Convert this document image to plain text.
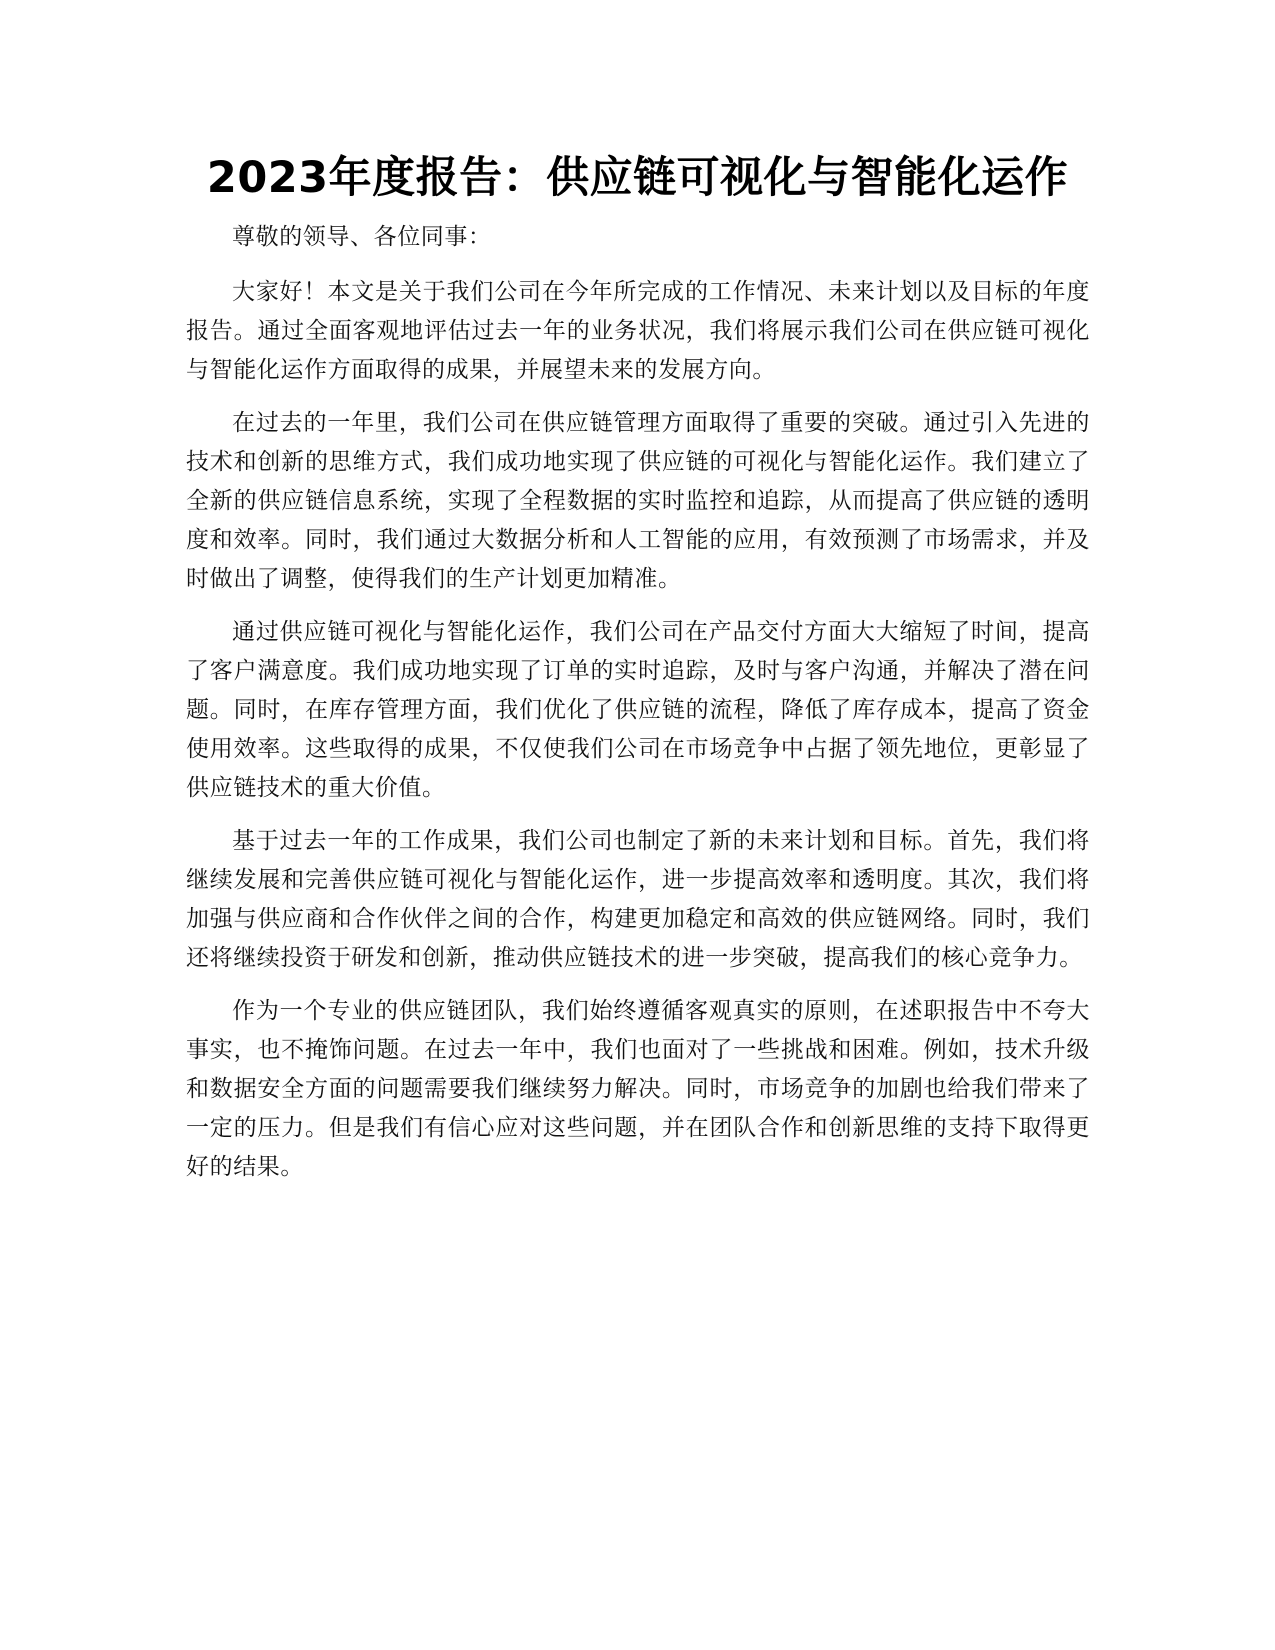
2023年度报告：供应链可视化与智能化运作

尊敬的领导、各位同事：

大家好！本文是关于我们公司在今年所完成的工作情况、未来计划以及目标的年度报告。通过全面客观地评估过去一年的业务状况，我们将展示我们公司在供应链可视化与智能化运作方面取得的成果，并展望未来的发展方向。

在过去的一年里，我们公司在供应链管理方面取得了重要的突破。通过引入先进的技术和创新的思维方式，我们成功地实现了供应链的可视化与智能化运作。我们建立了全新的供应链信息系统，实现了全程数据的实时监控和追踪，从而提高了供应链的透明度和效率。同时，我们通过大数据分析和人工智能的应用，有效预测了市场需求，并及时做出了调整，使得我们的生产计划更加精准。

通过供应链可视化与智能化运作，我们公司在产品交付方面大大缩短了时间，提高了客户满意度。我们成功地实现了订单的实时追踪，及时与客户沟通，并解决了潜在问题。同时，在库存管理方面，我们优化了供应链的流程，降低了库存成本，提高了资金使用效率。这些取得的成果，不仅使我们公司在市场竞争中占据了领先地位，更彰显了供应链技术的重大价值。

基于过去一年的工作成果，我们公司也制定了新的未来计划和目标。首先，我们将继续发展和完善供应链可视化与智能化运作，进一步提高效率和透明度。其次，我们将加强与供应商和合作伙伴之间的合作，构建更加稳定和高效的供应链网络。同时，我们还将继续投资于研发和创新，推动供应链技术的进一步突破，提高我们的核心竞争力。

作为一个专业的供应链团队，我们始终遵循客观真实的原则，在述职报告中不夸大事实，也不掩饰问题。在过去一年中，我们也面对了一些挑战和困难。例如，技术升级和数据安全方面的问题需要我们继续努力解决。同时，市场竞争的加剧也给我们带来了一定的压力。但是我们有信心应对这些问题，并在团队合作和创新思维的支持下取得更好的结果。
